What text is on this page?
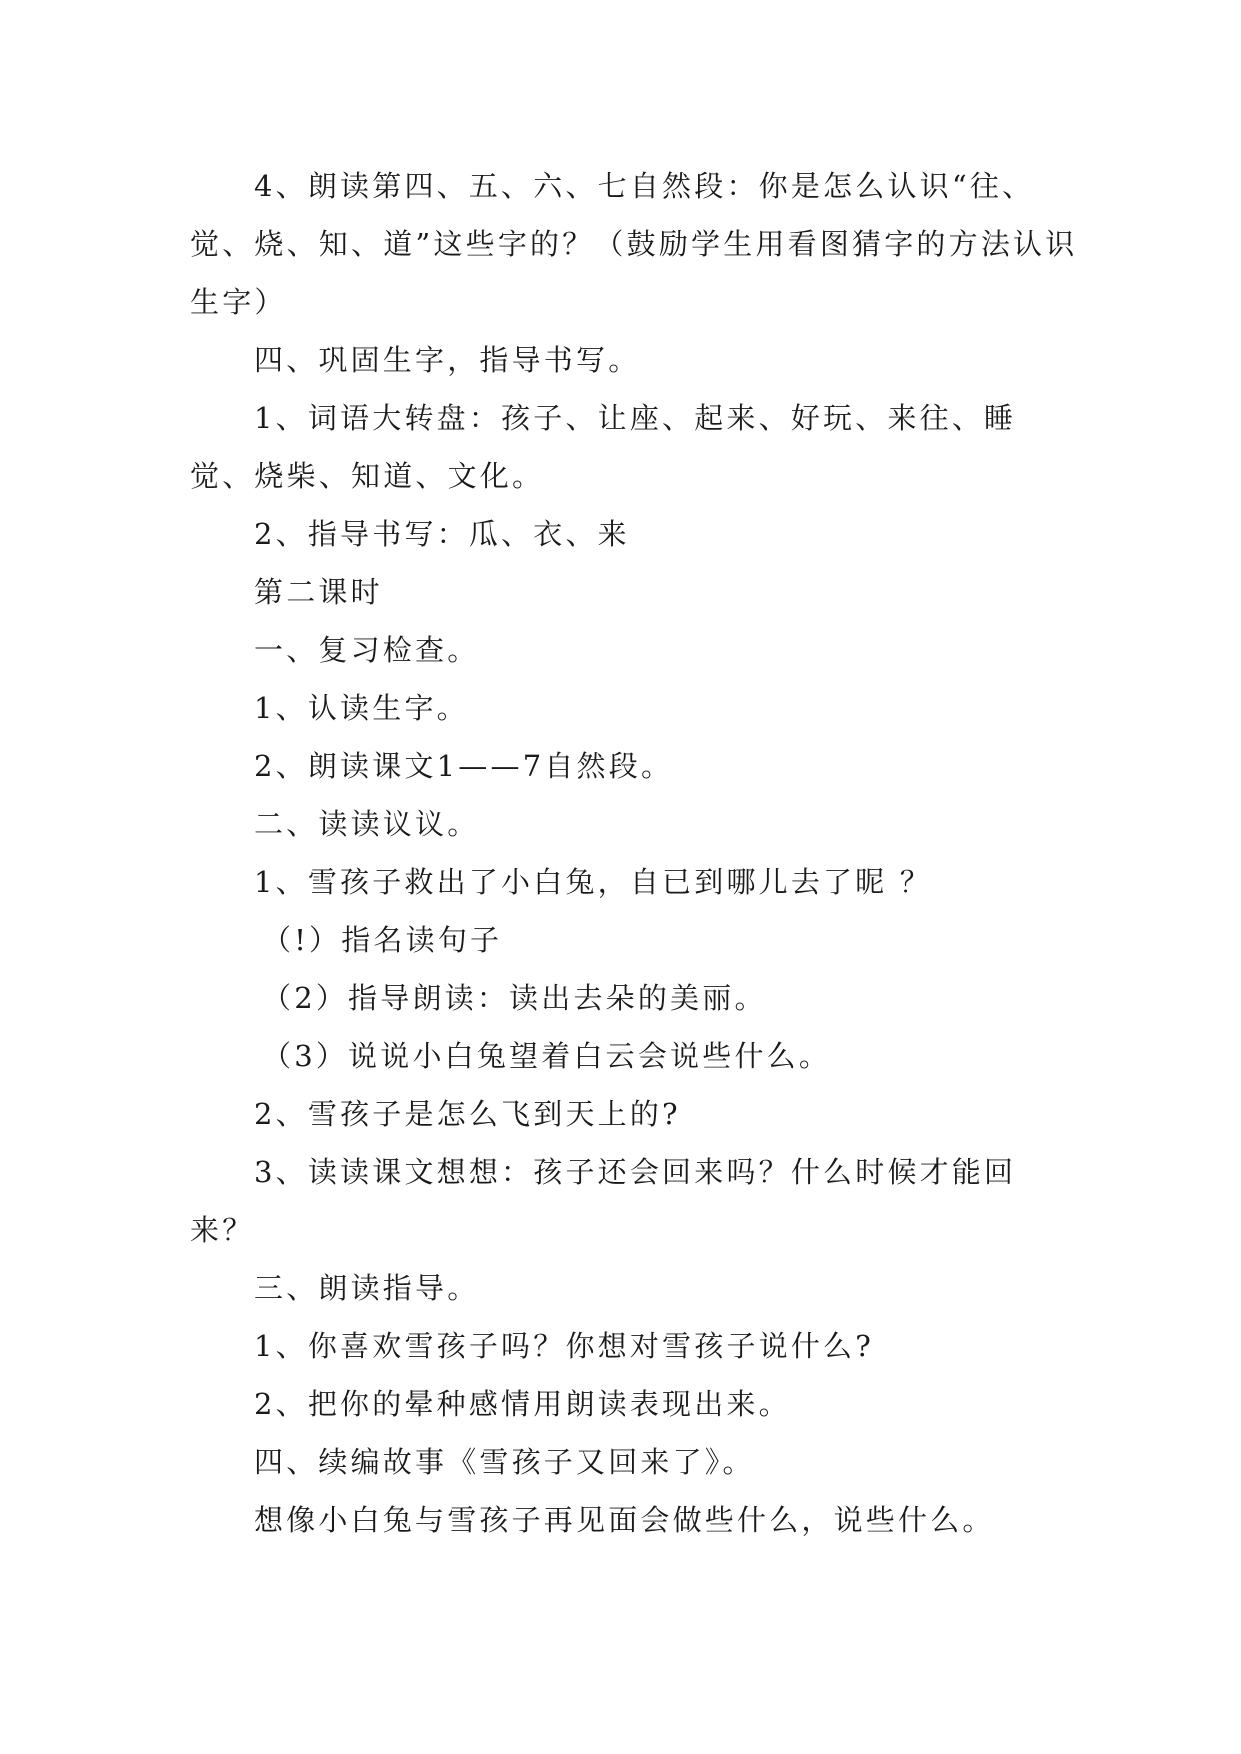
4、朗读第四、五、六、七自然段：你是怎么认识“往、觉、烧、知、道”这些字的？（鼓励学生用看图猜字的方法认识生字）

四、巩固生字，指导书写。

1、词语大转盘：孩子、让座、起来、好玩、来往、睡觉、烧柴、知道、文化。

2、指导书写：瓜、衣、来

第二课时

一、复习检查。

1、认读生字。

2、朗读课文1——7自然段。

二、读读议议。

1、雪孩子救出了小白兔，自已到哪儿去了昵 ？

（!）指名读句子

（2）指导朗读：读出去朵的美丽。

（3）说说小白兔望着白云会说些什么。

2、雪孩子是怎么飞到天上的?

3、读读课文想想：孩子还会回来吗？什么时候才能回来？

三、朗读指导。

1、你喜欢雪孩子吗？你想对雪孩子说什么?

2、把你的晕种感情用朗读表现出来。

四、续编故事《雪孩子又回来了》。

想像小白兔与雪孩子再见面会做些什么，说些什么。
